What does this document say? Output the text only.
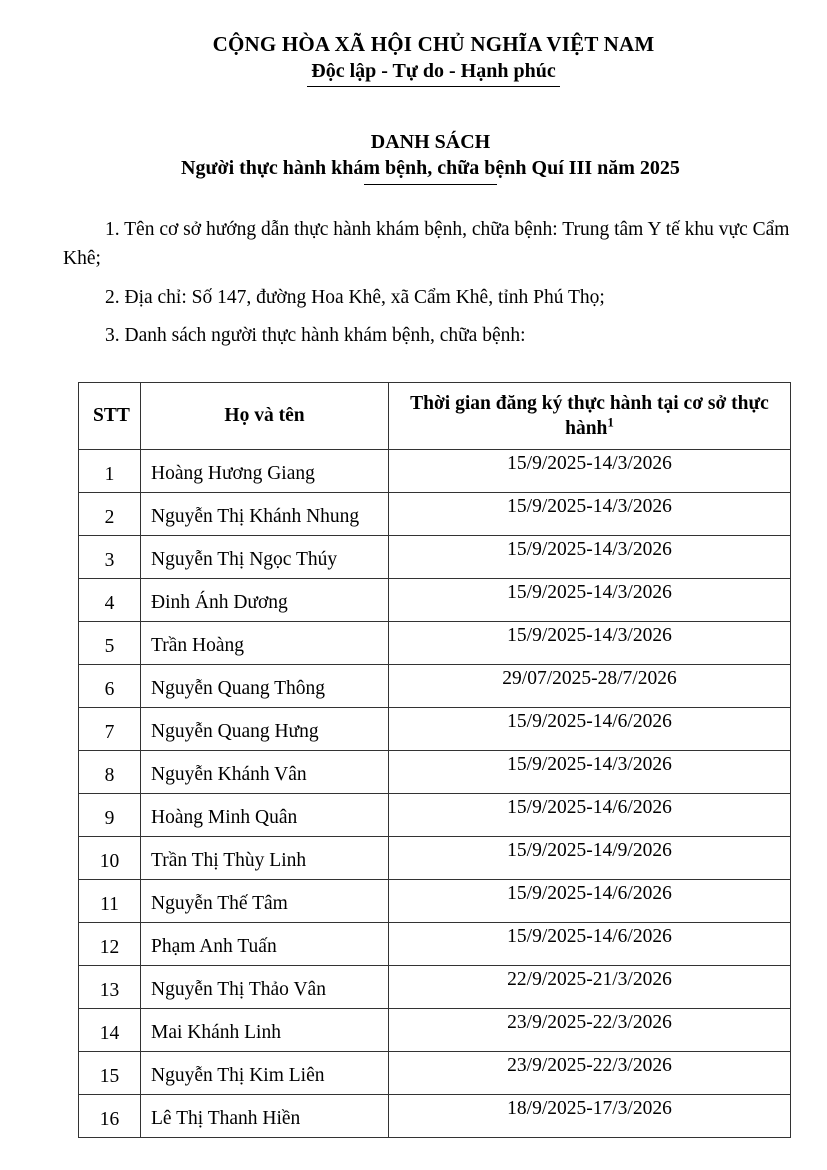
CỘNG HÒA XÃ HỘI CHỦ NGHĨA VIỆT NAM
Độc lập - Tự do - Hạnh phúc
DANH SÁCH
Người thực hành khám bệnh, chữa bệnh Quí III năm 2025

1. Tên cơ sở hướng dẫn thực hành khám bệnh, chữa bệnh: Trung tâm Y tế khu vực Cẩm Khê;

2. Địa chỉ: Số 147, đường Hoa Khê, xã Cẩm Khê, tỉnh Phú Thọ;

3. Danh sách người thực hành khám bệnh, chữa bệnh:

STT	Họ và tên	Thời gian đăng ký thực hành tại cơ sở thực hành$^1$
1	Hoàng Hương Giang	15/9/2025-14/3/2026
2	Nguyễn Thị Khánh Nhung	15/9/2025-14/3/2026
3	Nguyễn Thị Ngọc Thúy	15/9/2025-14/3/2026
4	Đinh Ánh Dương	15/9/2025-14/3/2026
5	Trần Hoàng	15/9/2025-14/3/2026
6	Nguyễn Quang Thông	29/07/2025-28/7/2026
7	Nguyễn Quang Hưng	15/9/2025-14/6/2026
8	Nguyễn Khánh Vân	15/9/2025-14/3/2026
9	Hoàng Minh Quân	15/9/2025-14/6/2026
10	Trần Thị Thùy Linh	15/9/2025-14/9/2026
11	Nguyễn Thế Tâm	15/9/2025-14/6/2026
12	Phạm Anh Tuấn	15/9/2025-14/6/2026
13	Nguyễn Thị Thảo Vân	22/9/2025-21/3/2026
14	Mai Khánh Linh	23/9/2025-22/3/2026
15	Nguyễn Thị Kim Liên	23/9/2025-22/3/2026
16	Lê Thị Thanh Hiền	18/9/2025-17/3/2026
